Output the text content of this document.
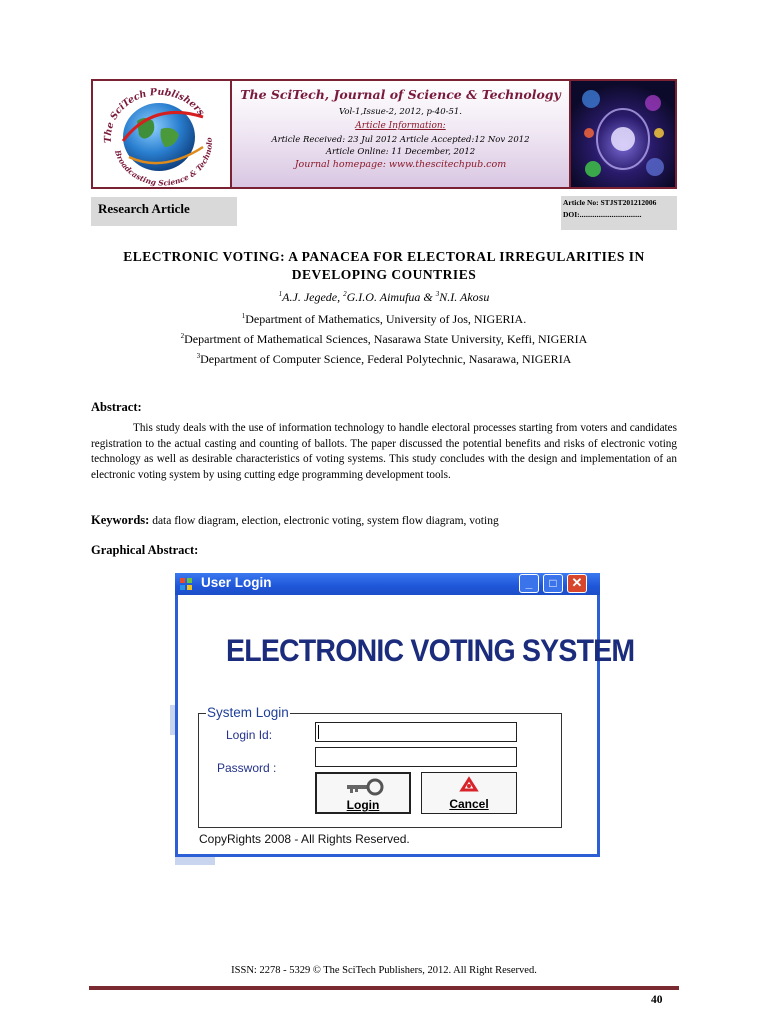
The SciTech Publishers
Broadcasting Science & Technolo
The SciTech, Journal of Science & Technology
Vol-1,Issue-2, 2012, p-40-51.
Article Information:
Article Received: 23 Jul 2012 Article Accepted:12 Nov 2012
Article Online: 11 December, 2012
Journal homepage: www.thescitechpub.com
Research Article	Article No: STJST201212006
DOI:.................................
ELECTRONIC VOTING: A PANACEA FOR ELECTORAL IRREGULARITIES IN
DEVELOPING COUNTRIES
$^1$A.J. Jegede, $^2$G.I.O. Aimufua & $^3$N.I. Akosu
$^1$Department of Mathematics, University of Jos, NIGERIA.
$^2$Department of Mathematical Sciences, Nasarawa State University, Keffi, NIGERIA
$^3$Department of Computer Science, Federal Polytechnic, Nasarawa, NIGERIA
Abstract:
This study deals with the use of information technology to handle electoral processes starting from voters and candidates registration to the actual casting and counting of ballots. The paper discussed the potential benefits and risks of electronic voting technology as well as desirable characteristics of voting systems. This study concludes with the design and implementation of an electronic voting system by using cutting edge programming development tools.
Keywords: data flow diagram, election, electronic voting, system flow diagram, voting
Graphical Abstract:
User Login	_	□	✕
ELECTRONIC VOTING SYSTEM
System Login
Login Id:
Password :
Login	Cancel
CopyRights 2008 - All Rights Reserved.
ISSN: 2278 - 5329 © The SciTech Publishers, 2012. All Right Reserved.
40
